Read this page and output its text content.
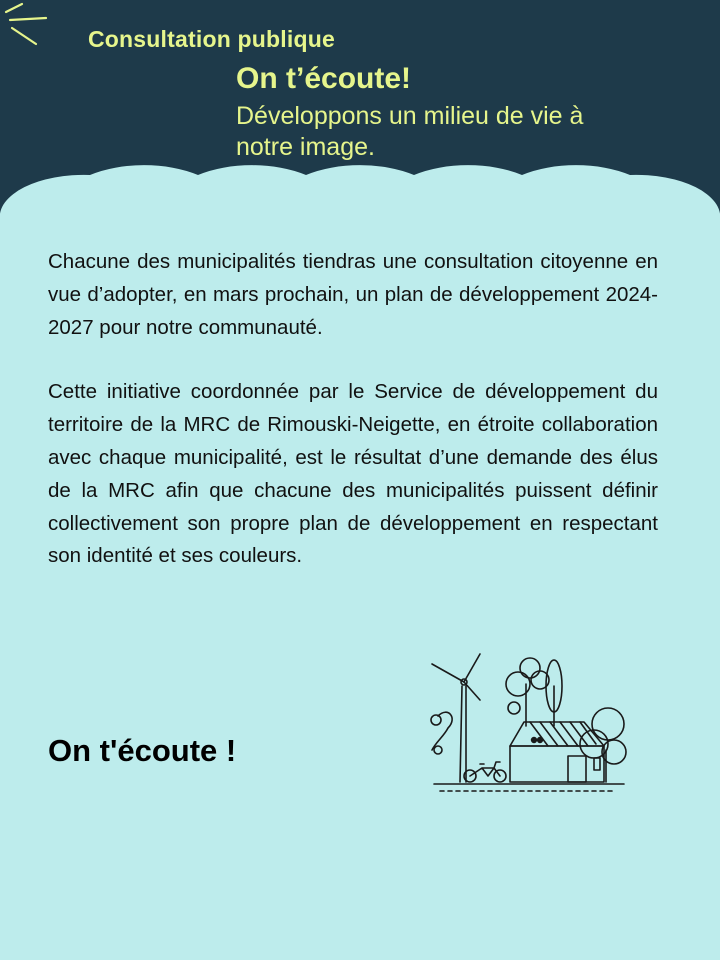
Consultation publique
On t’écoute!
Développons un milieu de vie à notre image.

Chacune des municipalités tiendras une consultation citoyenne en vue d’adopter, en mars prochain, un plan de développement 2024-2027 pour notre communauté.

Cette initiative coordonnée par le Service de développement du territoire de la MRC de Rimouski-Neigette, en étroite collaboration avec chaque municipalité, est le résultat d’une demande des élus de la MRC afin que chacune des municipalités puissent définir collectivement son propre plan de développement en respectant son identité et ses couleurs.

On t'écoute !
